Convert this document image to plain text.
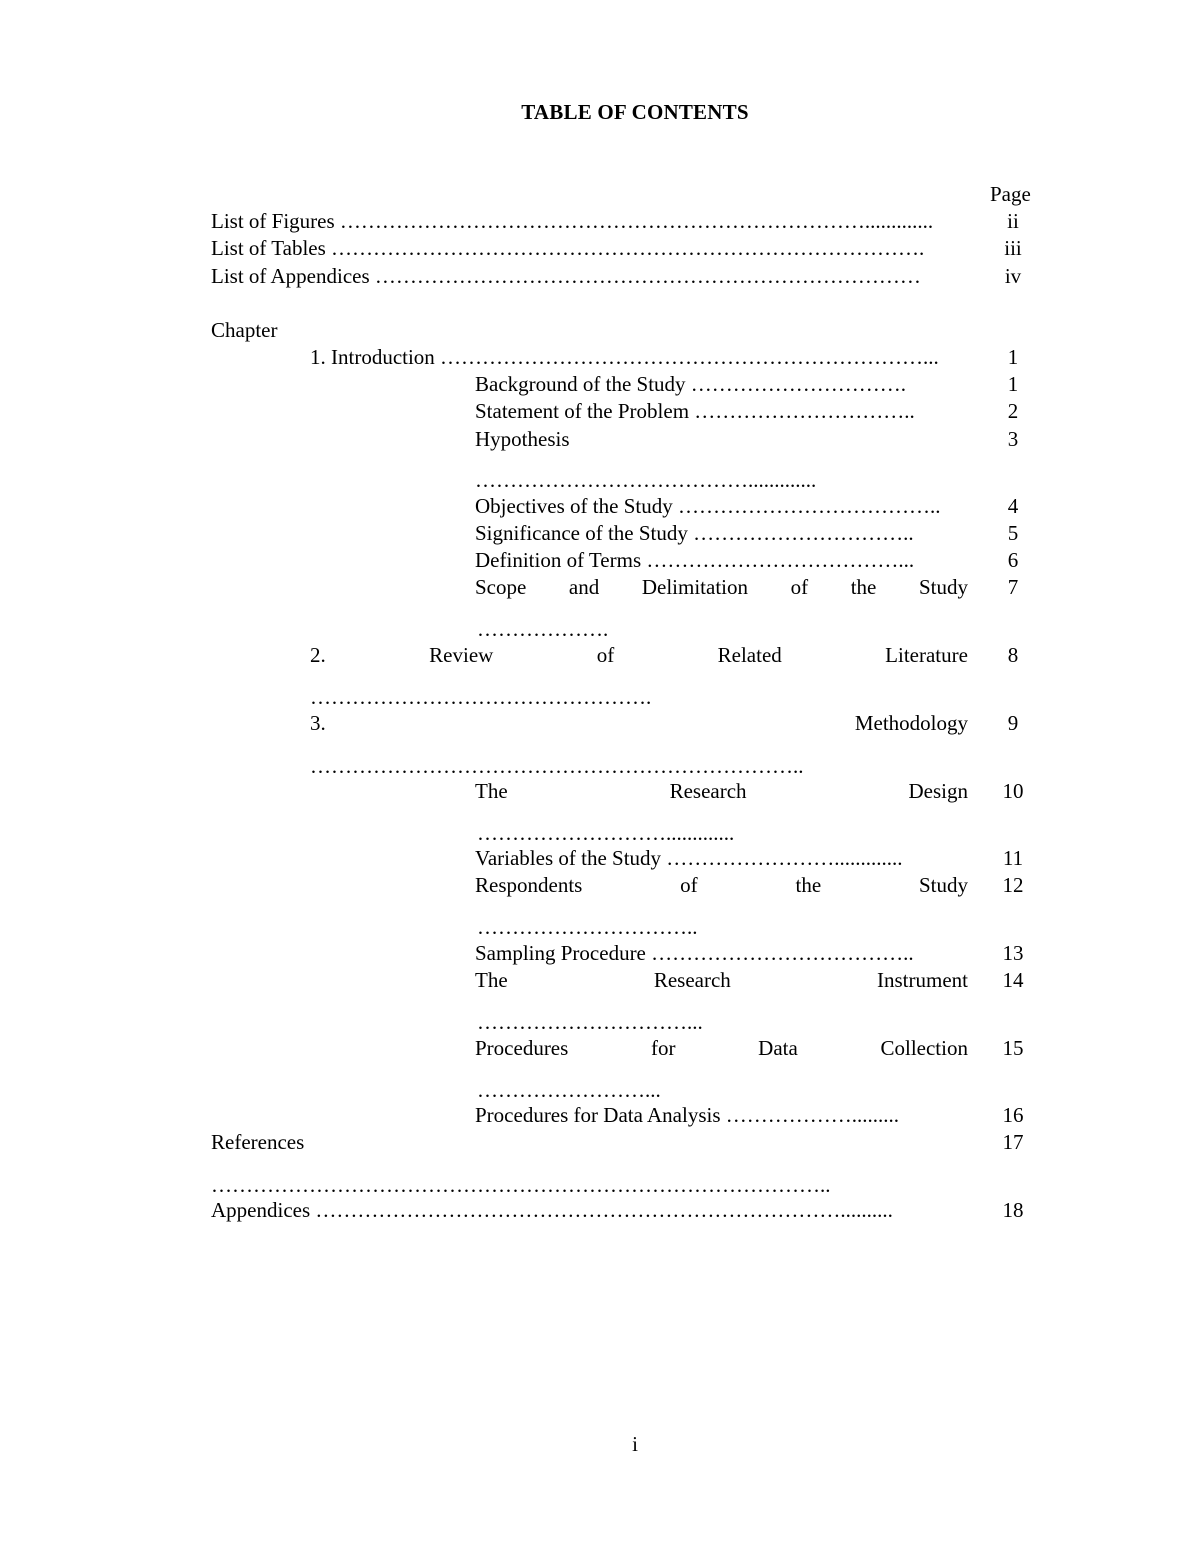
TABLE OF CONTENTS
Page
List of Figures ………………………………………………………………….............	ii
List of Tables ………………………………………………………………………….	iii
List of Appendices ……………………………………………………………………	iv
Chapter
1. Introduction ……………………………………………………………...	1
Background of the Study ………………………….	1
Statement of the Problem …………………………..	2
Hypothesis	3
………………………………….............
Objectives of the Study ………………………………..	4
Significance of the Study …………………………..	5
Definition of Terms ………………………………...	6
Scope and Delimitation of the Study	7
……………….
2.	Review	of	Related	Literature	8
………………………………………….
3.	Methodology	9
……………………………………………………………..
The	Research	Design	10
……………………….............
Variables of the Study …………………….............	11
Respondents	of	the	Study	12
…………………………..
Sampling Procedure ………………………………..	13
The	Research	Instrument	14
…………………………...
Procedures	for	Data	Collection	15
……………………...
Procedures for Data Analysis ……………….........	16
References	17
……………………………………………………………………………..
Appendices …………………………………………………………………..........	18
i
